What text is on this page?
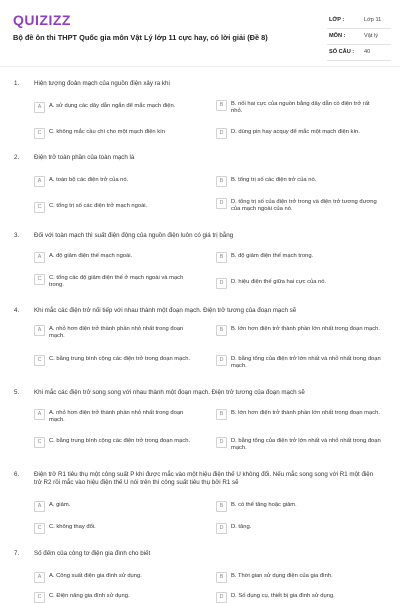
QUIZIZZ
Bộ đề ôn thi THPT Quốc gia môn Vật Lý lớp 11 cực hay, có lời giải (Đề 8)
LỚP :	Lớp 11
MÔN :	Vật lý
SỐ CÂU : 40
1. Hiện tượng đoản mạch của nguồn điện xảy ra khi
A	A. sử dụng các dây dẫn ngắn để mắc mạch điện.	B	B. nối hai cực của nguồn bằng dây dẫn có điện trở rất nhỏ.
C	C. không mắc cầu chì cho một mạch điện kín	D	D. dùng pin hay acquy để mắc một mạch điện kín.
2. Điện trở toàn phần của toàn mạch là
A	A. toàn bộ các điện trở của nó.	B	B. tổng trị số các điện trở của nó.
C	C. tổng trị số các điện trở mạch ngoài.	D	D. tổng trị số của điện trở trong và điện trở tương đương của mạch ngoài của nó.
3. Đối với toàn mạch thì suất điện động của nguồn điện luôn có giá trị bằng
A	A. độ giảm điện thế mạch ngoài.	B	B. độ giảm điện thế mạch trong.
C	C. tổng các độ giảm điện thế ở mạch ngoài và mạch trong.	D	D. hiệu điện thế giữa hai cực của nó.
4. Khi mắc các điện trở nối tiếp với nhau thành một đoạn mạch. Điện trở tương của đoạn mạch sẽ
A	A. nhỏ hơn điện trở thành phần nhỏ nhất trong đoạn mạch.
B	B. lớn hơn điện trở thành phần lớn nhất trong đoạn mạch.
C	C. bằng trung bình cộng các điện trở trong đoạn mạch.	D	D. bằng tổng của điện trở lớn nhất và nhỏ nhất trong đoạn mạch.
5. Khi mắc các điện trở song song với nhau thành một đoạn mạch. Điện trở tương của đoạn mạch sẽ
A	A. nhỏ hơn điện trở thành phần nhỏ nhất trong đoạn mạch.
B	B. lớn hơn điện trở thành phần lớn nhất trong đoạn mạch.
C	C. bằng trung bình cộng các điện trở trong đoạn mạch.	D	D. bằng tổng của điện trở lớn nhất và nhỏ nhất trong đoạn mạch.
6. Điện trở R1 tiêu thụ một công suất P khi được mắc vào một hiệu điện thế U không đổi. Nếu mắc song song với R1 một điện trở R2 rồi mắc vào hiệu điện thế U nói trên thì công suất tiêu thụ bởi R1 sẽ
A	A. giảm.	B	B. có thể tăng hoặc giảm.
C	C. không thay đổi.	D	D. tăng.
7. Số đếm của công tơ điện gia đình cho biết
A	A. Công suất điện gia đình sử dụng.	B	B. Thời gian sử dụng điện của gia đình.
C	C. Điện năng gia đình sử dụng.	D	D. Số dụng cụ, thiết bị gia đình sử dụng.
